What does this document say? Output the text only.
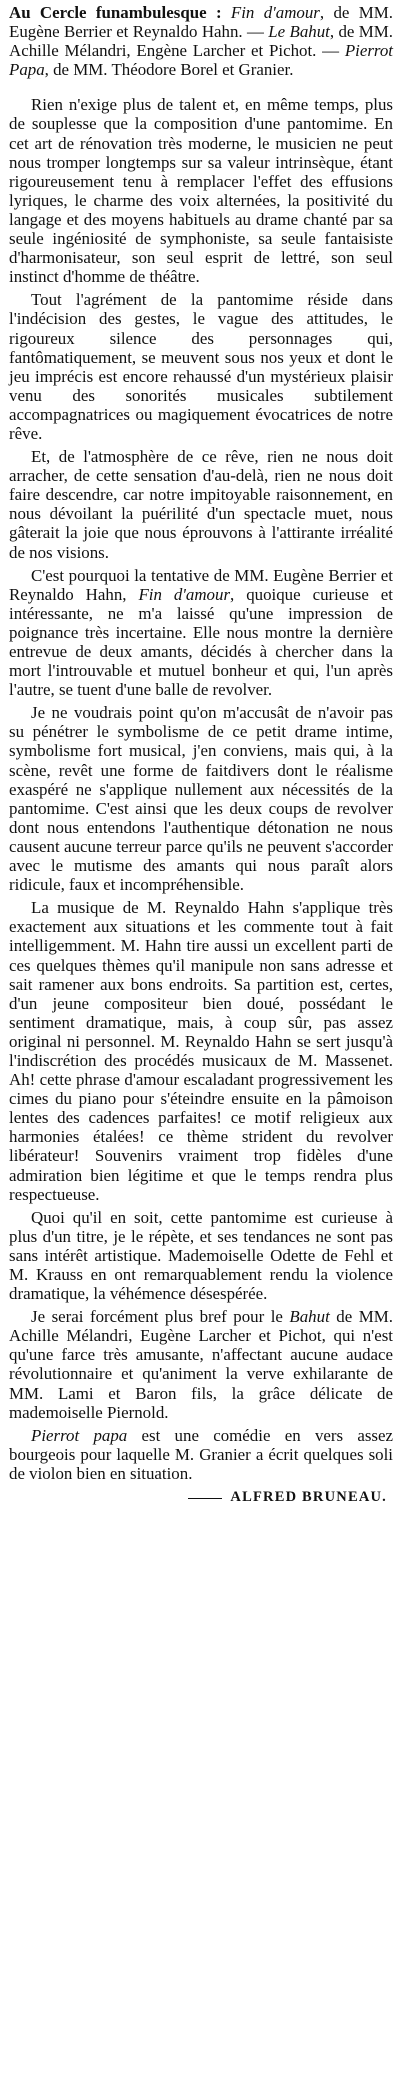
Au Cercle funambulesque : Fin d'amour, de MM. Eugène Berrier et Reynaldo Hahn. — Le Bahut, de MM. Achille Mélandri, Engène Larcher et Pichot. — Pierrot Papa, de MM. Théodore Borel et Granier.

Rien n'exige plus de talent et, en même temps, plus de souplesse que la composition d'une pantomime. En cet art de rénovation très moderne, le musicien ne peut nous tromper longtemps sur sa valeur intrinsèque, étant rigoureusement tenu à remplacer l'effet des effusions lyriques, le charme des voix alternées, la positivité du langage et des moyens habituels au drame chanté par sa seule ingéniosité de symphoniste, sa seule fantaisiste d'harmonisateur, son seul esprit de lettré, son seul instinct d'homme de théâtre.

Tout l'agrément de la pantomime réside dans l'indécision des gestes, le vague des attitudes, le rigoureux silence des personnages qui, fantômatiquement, se meuvent sous nos yeux et dont le jeu imprécis est encore rehaussé d'un mystérieux plaisir venu des sonorités musicales subtilement accompagnatrices ou magiquement évocatrices de notre rêve.

Et, de l'atmosphère de ce rêve, rien ne nous doit arracher, de cette sensation d'au-delà, rien ne nous doit faire descendre, car notre impitoyable raisonnement, en nous dévoilant la puérilité d'un spectacle muet, nous gâterait la joie que nous éprouvons à l'attirante irréalité de nos visions.

C'est pourquoi la tentative de MM. Eugène Berrier et Reynaldo Hahn, Fin d'amour, quoique curieuse et intéressante, ne m'a laissé qu'une impression de poignance très incertaine. Elle nous montre la dernière entrevue de deux amants, décidés à chercher dans la mort l'introuvable et mutuel bonheur et qui, l'un après l'autre, se tuent d'une balle de revolver.

Je ne voudrais point qu'on m'accusât de n'avoir pas su pénétrer le symbolisme de ce petit drame intime, symbolisme fort musical, j'en conviens, mais qui, à la scène, revêt une forme de faitdivers dont le réalisme exaspéré ne s'applique nullement aux nécessités de la pantomime. C'est ainsi que les deux coups de revolver dont nous entendons l'authentique détonation ne nous causent aucune terreur parce qu'ils ne peuvent s'accorder avec le mutisme des amants qui nous paraît alors ridicule, faux et incompréhensible.

La musique de M. Reynaldo Hahn s'applique très exactement aux situations et les commente tout à fait intelligemment. M. Hahn tire aussi un excellent parti de ces quelques thèmes qu'il manipule non sans adresse et sait ramener aux bons endroits. Sa partition est, certes, d'un jeune compositeur bien doué, possédant le sentiment dramatique, mais, à coup sûr, pas assez original ni personnel. M. Reynaldo Hahn se sert jusqu'à l'indiscrétion des procédés musicaux de M. Massenet. Ah! cette phrase d'amour escaladant progressivement les cimes du piano pour s'éteindre ensuite en la pâmoison lentes des cadences parfaites! ce motif religieux aux harmonies étalées! ce thème strident du revolver libérateur! Souvenirs vraiment trop fidèles d'une admiration bien légitime et que le temps rendra plus respectueuse.

Quoi qu'il en soit, cette pantomime est curieuse à plus d'un titre, je le répète, et ses tendances ne sont pas sans intérêt artistique. Mademoiselle Odette de Fehl et M. Krauss en ont remarquablement rendu la violence dramatique, la véhémence désespérée.

Je serai forcément plus bref pour le Bahut de MM. Achille Mélandri, Eugène Larcher et Pichot, qui n'est qu'une farce très amusante, n'affectant aucune audace révolutionnaire et qu'animent la verve exhilarante de MM. Lami et Baron fils, la grâce délicate de mademoiselle Piernold.

Pierrot papa est une comédie en vers assez bourgeois pour laquelle M. Granier a écrit quelques soli de violon bien en situation.

ALFRED BRUNEAU.
